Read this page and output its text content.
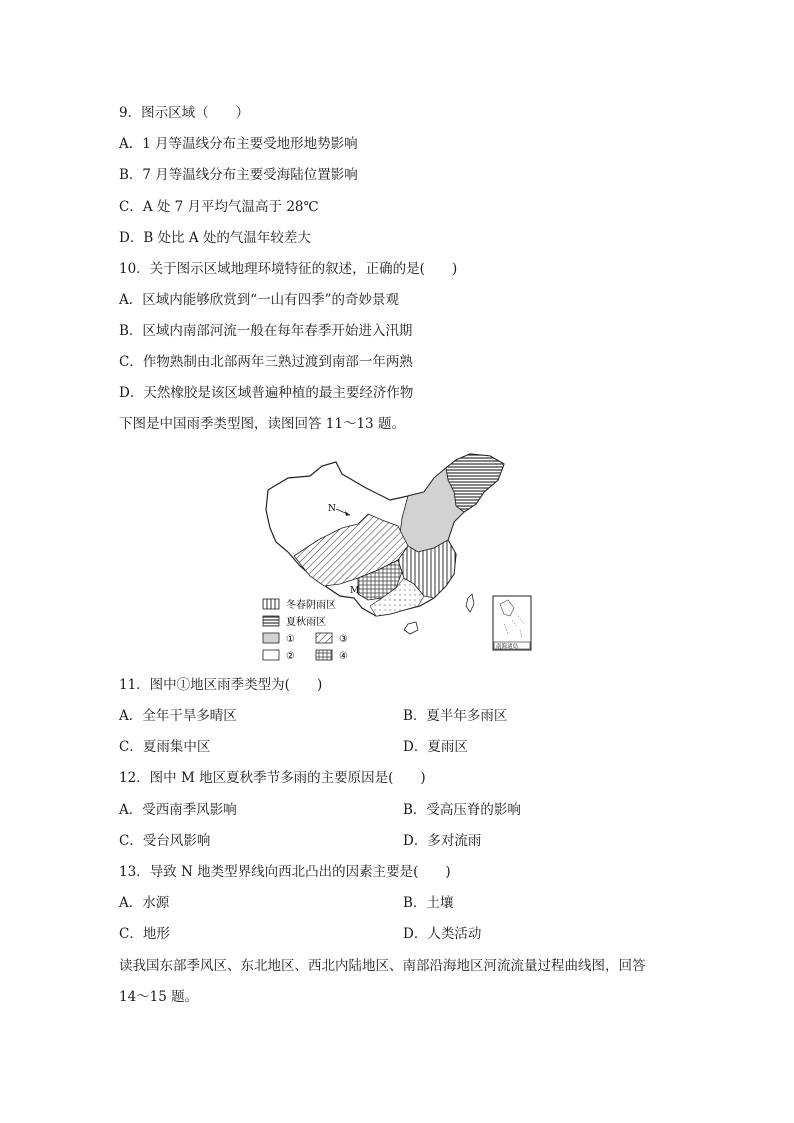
9．图示区域（　　）
A．1 月等温线分布主要受地形地势影响
B．7 月等温线分布主要受海陆位置影响
C．A 处 7 月平均气温高于 28℃
D．B 处比 A 处的气温年较差大
10．关于图示区域地理环境特征的叙述，正确的是(　　)
A．区域内能够欣赏到“一山有四季”的奇妙景观
B．区域内南部河流一般在每年春季开始进入汛期
C．作物熟制由北部两年三熟过渡到南部一年两熟
D．天然橡胶是该区域普遍种植的最主要经济作物
下图是中国雨季类型图，读图回答 11～13 题。
N
M
冬春阴雨区
夏秋雨区
①	③
②	④
南海诸岛
11．图中①地区雨季类型为(　　)
A．全年干旱多晴区	B．夏半年多雨区
C．夏雨集中区	D．夏雨区
12．图中 M 地区夏秋季节多雨的主要原因是(　　)
A．受西南季风影响	B．受高压脊的影响
C．受台风影响	D．多对流雨
13．导致 N 地类型界线向西北凸出的因素主要是(　　)
A．水源	B．土壤
C．地形	D．人类活动
读我国东部季风区、东北地区、西北内陆地区、南部沿海地区河流流量过程曲线图，回答
14～15 题。
